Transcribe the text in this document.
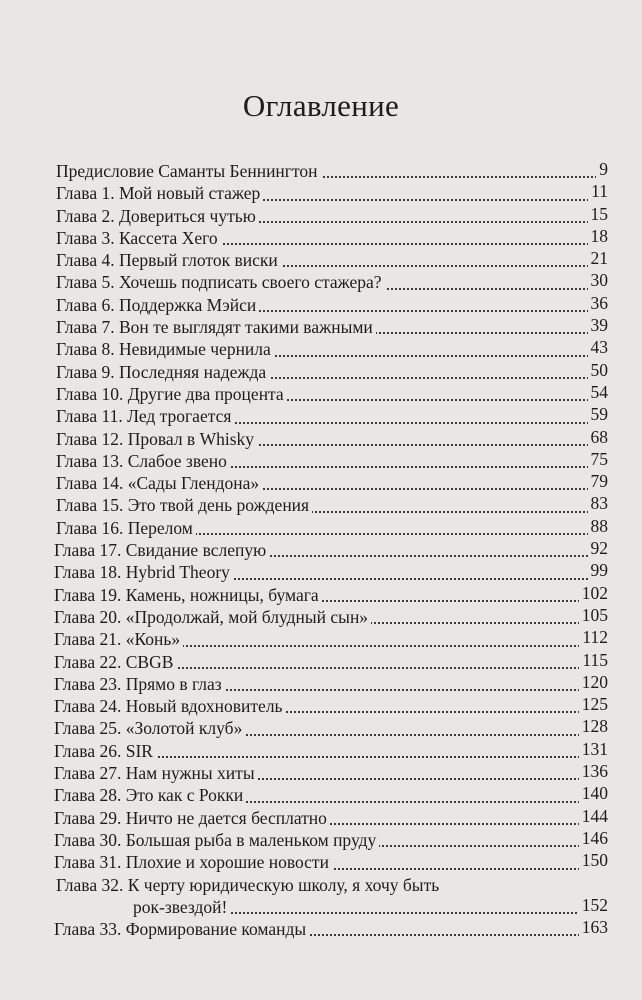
Оглавление
Предисловие Саманты Беннингтон	9
Глава 1. Мой новый стажер	11
Глава 2. Довериться чутью	15
Глава 3. Кассета Хего	18
Глава 4. Первый глоток виски	21
Глава 5. Хочешь подписать своего стажера?	30
Глава 6. Поддержка Мэйси	36
Глава 7. Вон те выглядят такими важными	39
Глава 8. Невидимые чернила	43
Глава 9. Последняя надежда	50
Глава 10. Другие два процента	54
Глава 11. Лед трогается	59
Глава 12. Провал в Whisky	68
Глава 13. Слабое звено	75
Глава 14. «Сады Глендона»	79
Глава 15. Это твой день рождения	83
Глава 16. Перелом	88
Глава 17. Свидание вслепую	92
Глава 18. Hybrid Theory	99
Глава 19. Камень, ножницы, бумага	102
Глава 20. «Продолжай, мой блудный сын»	105
Глава 21. «Конь»	112
Глава 22. CBGB	115
Глава 23. Прямо в глаз	120
Глава 24. Новый вдохновитель	125
Глава 25. «Золотой клуб»	128
Глава 26. SIR	131
Глава 27. Нам нужны хиты	136
Глава 28. Это как с Рокки	140
Глава 29. Ничто не дается бесплатно	144
Глава 30. Большая рыба в маленьком пруду	146
Глава 31. Плохие и хорошие новости	150
Глава 32. К черту юридическую школу, я хочу быть
рок-звездой!	152
Глава 33. Формирование команды	163
